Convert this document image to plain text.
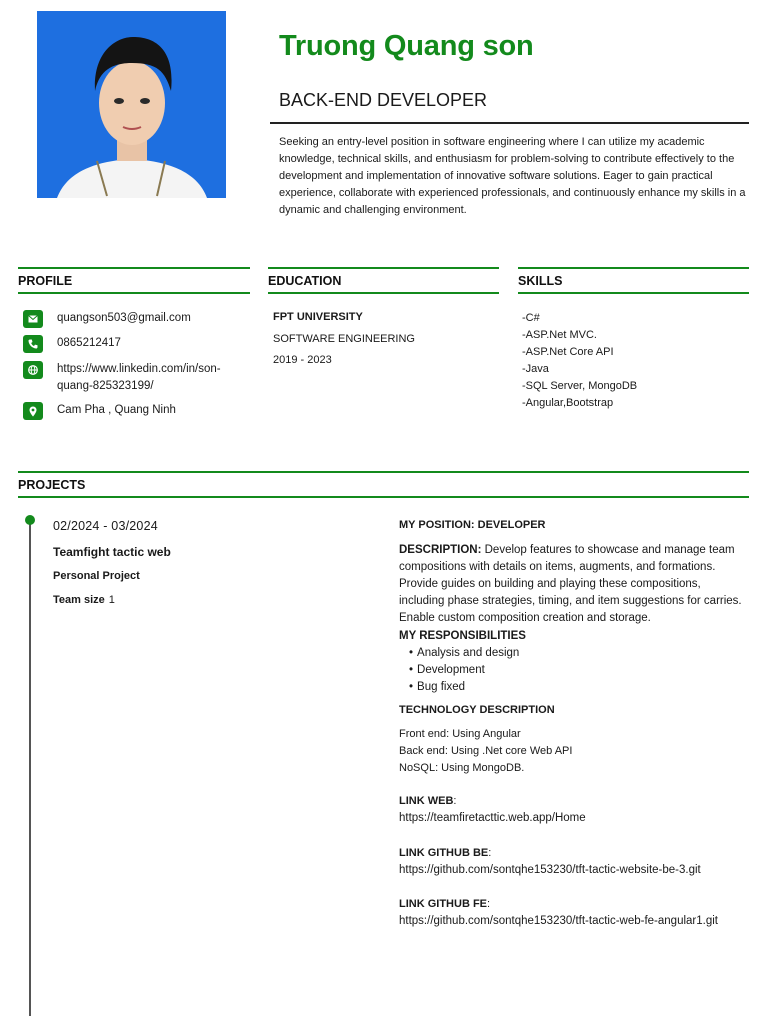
Truong Quang son
BACK-END DEVELOPER
Seeking an entry-level position in software engineering where I can utilize my academic knowledge, technical skills, and enthusiasm for problem-solving to contribute effectively to the development and implementation of innovative software solutions. Eager to gain practical experience, collaborate with experienced professionals, and continuously enhance my skills in a dynamic and challenging environment.
PROFILE	EDUCATION	SKILLS
PROJECTS
quangson503@gmail.com
0865212417
https://www.linkedin.com/in/son-quang-825323199/
Cam Pha , Quang Ninh
FPT UNIVERSITY
SOFTWARE ENGINEERING
2019 - 2023
-C#
-ASP.Net MVC.
-ASP.Net Core API
-Java
-SQL Server, MongoDB
-Angular,Bootstrap
02/2024 - 03/2024
Teamfight tactic web
Personal Project
Team size 1
MY POSITION: DEVELOPER
DESCRIPTION: Develop features to showcase and manage team compositions with details on items, augments, and formations. Provide guides on building and playing these compositions, including phase strategies, timing, and item suggestions for carries. Enable custom composition creation and storage.
MY RESPONSIBILITIES
• Analysis and design
• Development
• Bug fixed
TECHNOLOGY DESCRIPTION
Front end: Using Angular
Back end: Using .Net core Web API
NoSQL: Using MongoDB.
LINK WEB:
https://teamfiretacttic.web.app/Home
LINK GITHUB BE:
https://github.com/sontqhe153230/tft-tactic-website-be-3.git
LINK GITHUB FE:
https://github.com/sontqhe153230/tft-tactic-web-fe-angular1.git
